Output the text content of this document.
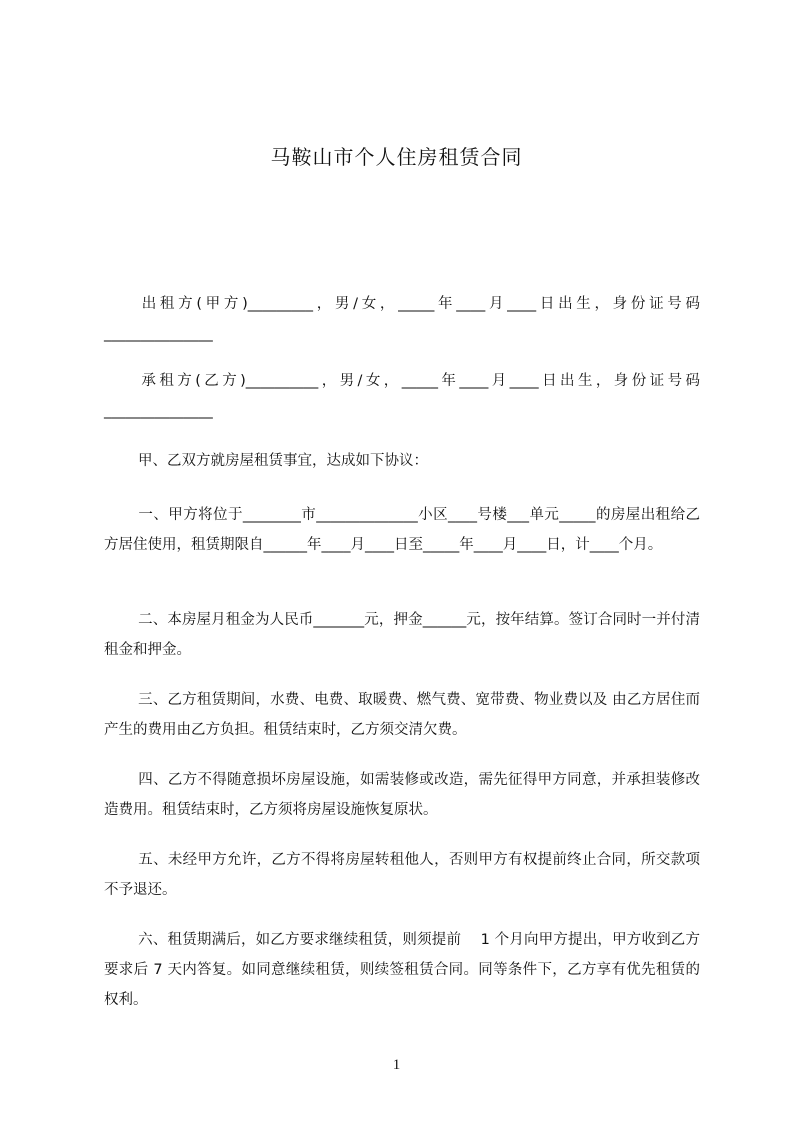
马鞍山市个人住房租赁合同

出租方(甲方)_________，男/女，_____年____月____日出生，身份证号码_______________

承租方(乙方)__________，男/女，_____年____月____日出生，身份证号码_______________

甲、乙双方就房屋租赁事宜，达成如下协议：

一、甲方将位于________市______________小区____号楼___单元_____的房屋出租给乙方居住使用，租赁期限自______年____月____日至_____年____月____日，计____个月。

二、本房屋月租金为人民币_______元，押金______元，按年结算。签订合同时一并付清租金和押金。

三、乙方租赁期间，水费、电费、取暖费、燃气费、宽带费、物业费以及 由乙方居住而产生的费用由乙方负担。租赁结束时，乙方须交清欠费。

四、乙方不得随意损坏房屋设施，如需装修或改造，需先征得甲方同意，并承担装修改造费用。租赁结束时，乙方须将房屋设施恢复原状。

五、未经甲方允许，乙方不得将房屋转租他人，否则甲方有权提前终止合同，所交款项不予退还。

六、租赁期满后，如乙方要求继续租赁，则须提前　 1 个月向甲方提出，甲方收到乙方要求后 7 天内答复。如同意继续租赁，则续签租赁合同。同等条件下，乙方享有优先租赁的权利。

1
